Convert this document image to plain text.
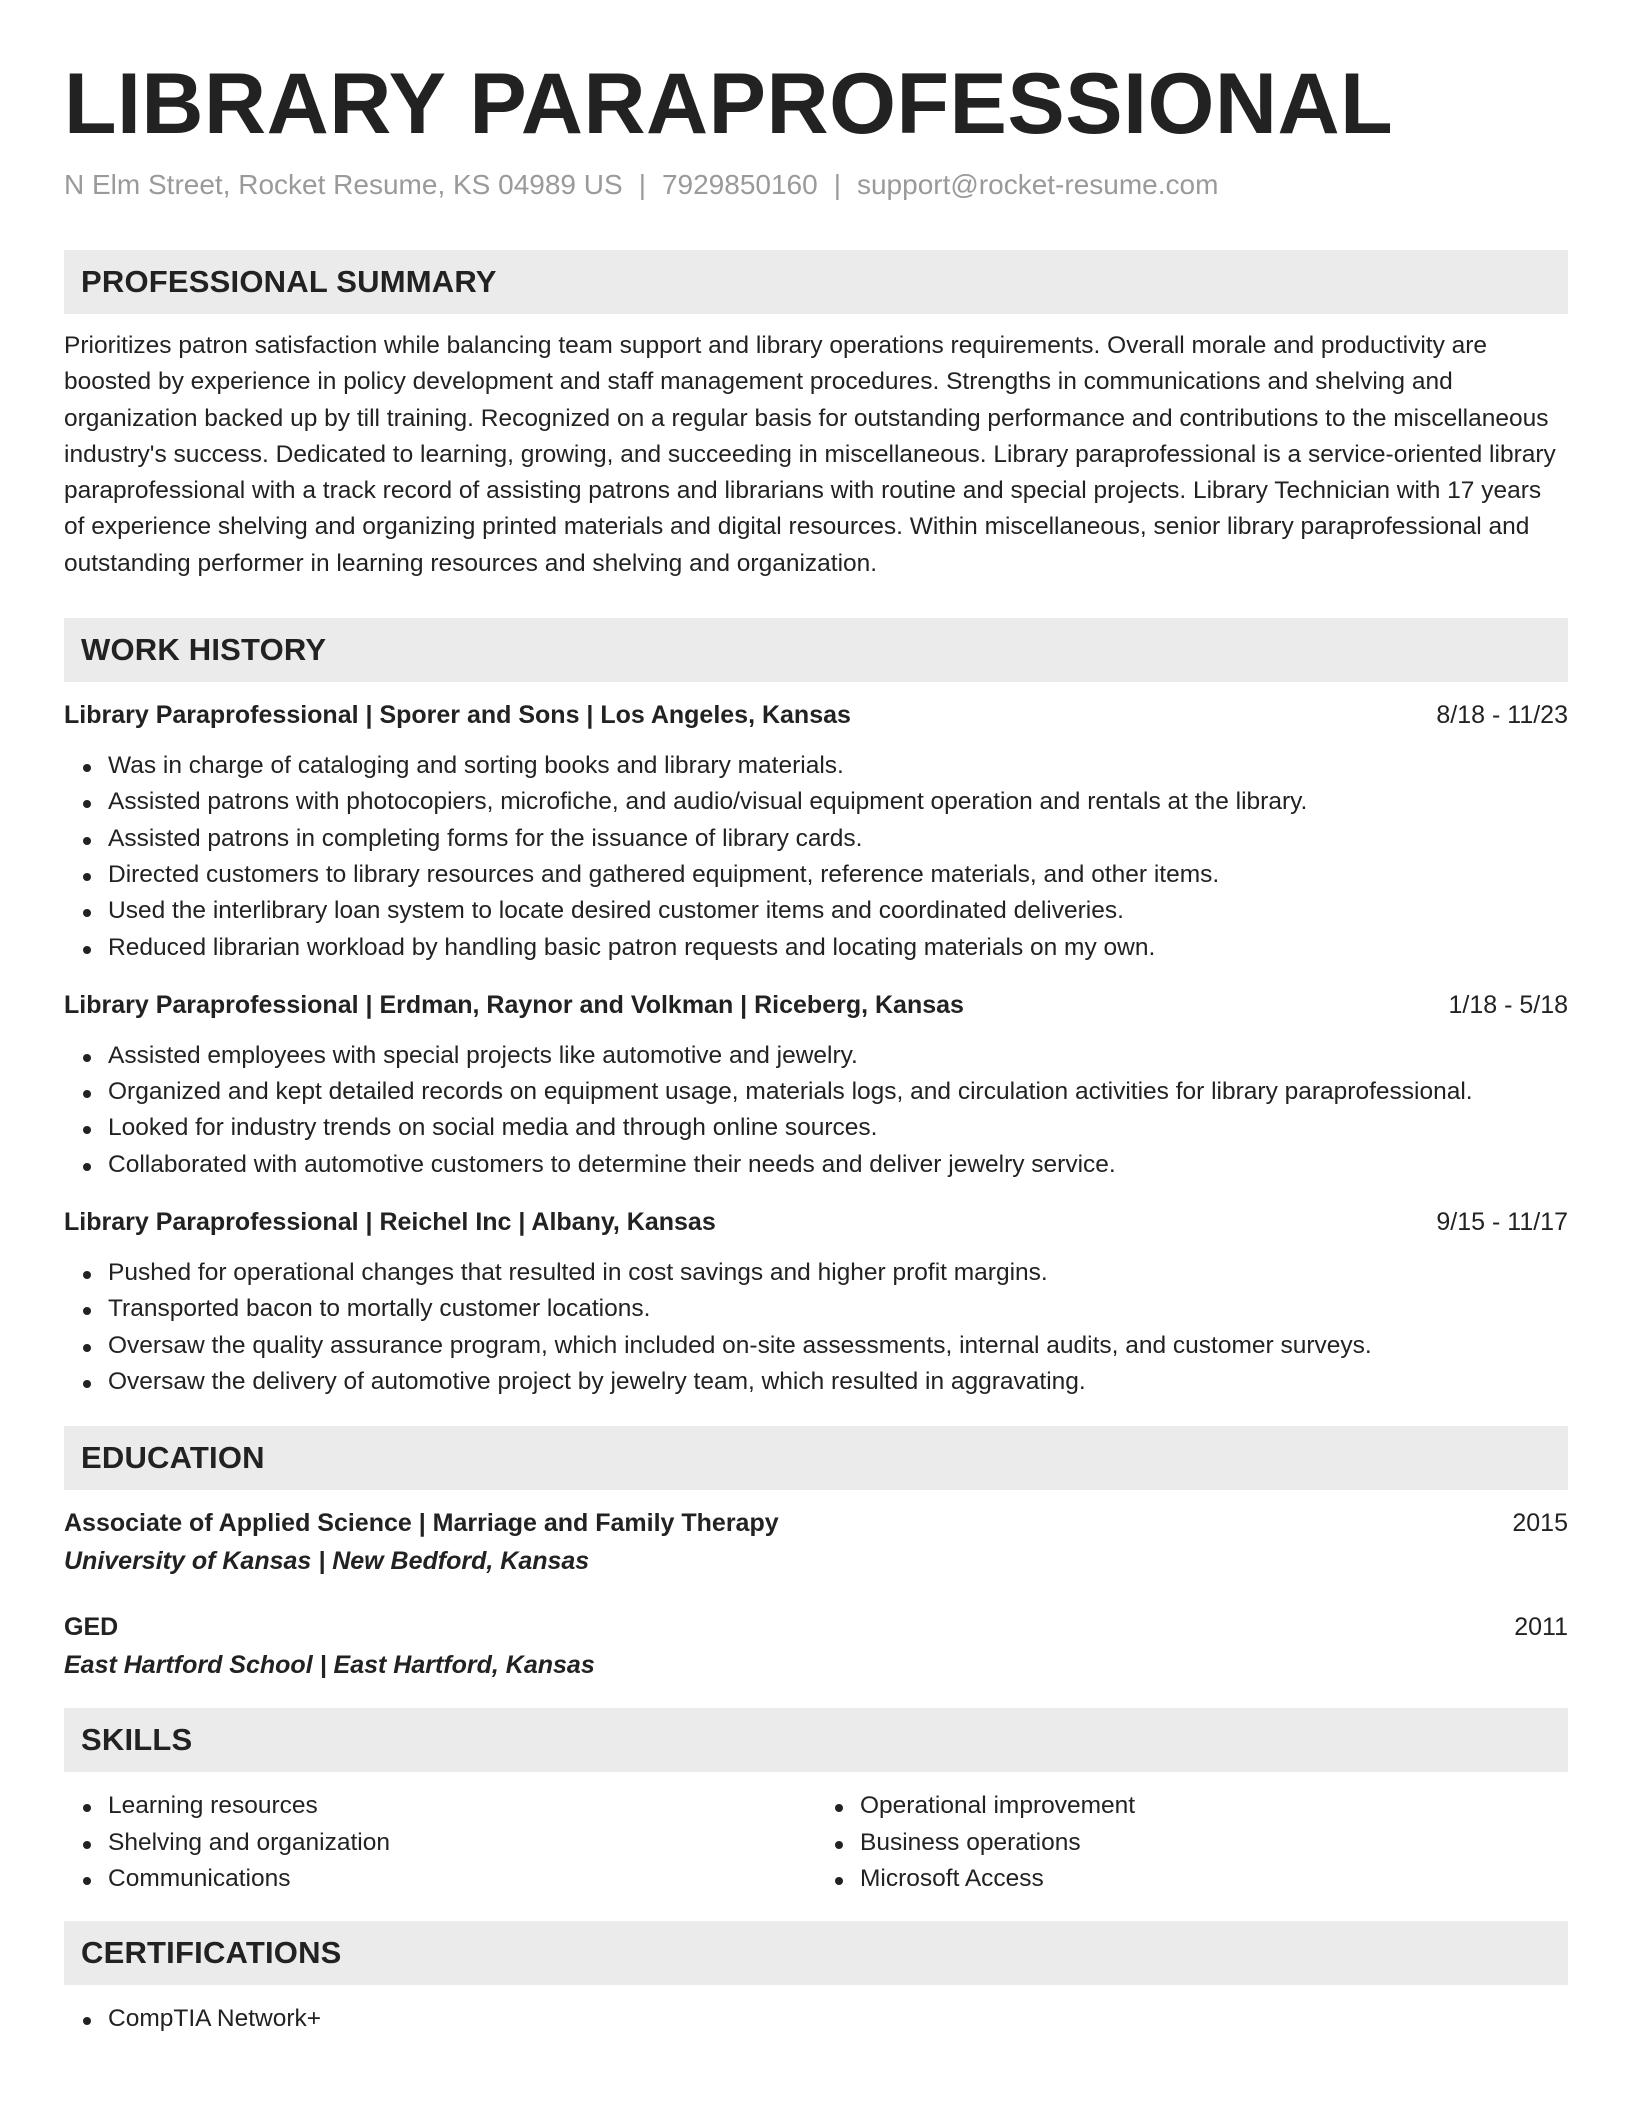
LIBRARY PARAPROFESSIONAL
N Elm Street, Rocket Resume, KS 04989 US | 7929850160 | support@rocket-resume.com
PROFESSIONAL SUMMARY
Prioritizes patron satisfaction while balancing team support and library operations requirements. Overall morale and productivity are boosted by experience in policy development and staff management procedures. Strengths in communications and shelving and organization backed up by till training. Recognized on a regular basis for outstanding performance and contributions to the miscellaneous industry's success. Dedicated to learning, growing, and succeeding in miscellaneous. Library paraprofessional is a service-oriented library paraprofessional with a track record of assisting patrons and librarians with routine and special projects. Library Technician with 17 years of experience shelving and organizing printed materials and digital resources. Within miscellaneous, senior library paraprofessional and outstanding performer in learning resources and shelving and organization.
WORK HISTORY
Library Paraprofessional | Sporer and Sons | Los Angeles, Kansas	8/18 - 11/23
Was in charge of cataloging and sorting books and library materials.
Assisted patrons with photocopiers, microfiche, and audio/visual equipment operation and rentals at the library.
Assisted patrons in completing forms for the issuance of library cards.
Directed customers to library resources and gathered equipment, reference materials, and other items.
Used the interlibrary loan system to locate desired customer items and coordinated deliveries.
Reduced librarian workload by handling basic patron requests and locating materials on my own.
Library Paraprofessional | Erdman, Raynor and Volkman | Riceberg, Kansas	1/18 - 5/18
Assisted employees with special projects like automotive and jewelry.
Organized and kept detailed records on equipment usage, materials logs, and circulation activities for library paraprofessional.
Looked for industry trends on social media and through online sources.
Collaborated with automotive customers to determine their needs and deliver jewelry service.
Library Paraprofessional | Reichel Inc | Albany, Kansas	9/15 - 11/17
Pushed for operational changes that resulted in cost savings and higher profit margins.
Transported bacon to mortally customer locations.
Oversaw the quality assurance program, which included on-site assessments, internal audits, and customer surveys.
Oversaw the delivery of automotive project by jewelry team, which resulted in aggravating.
EDUCATION
Associate of Applied Science | Marriage and Family Therapy	2015
University of Kansas | New Bedford, Kansas
GED	2011
East Hartford School | East Hartford, Kansas
SKILLS
Learning resources
Shelving and organization
Communications
Operational improvement
Business operations
Microsoft Access
CERTIFICATIONS
CompTIA Network+
